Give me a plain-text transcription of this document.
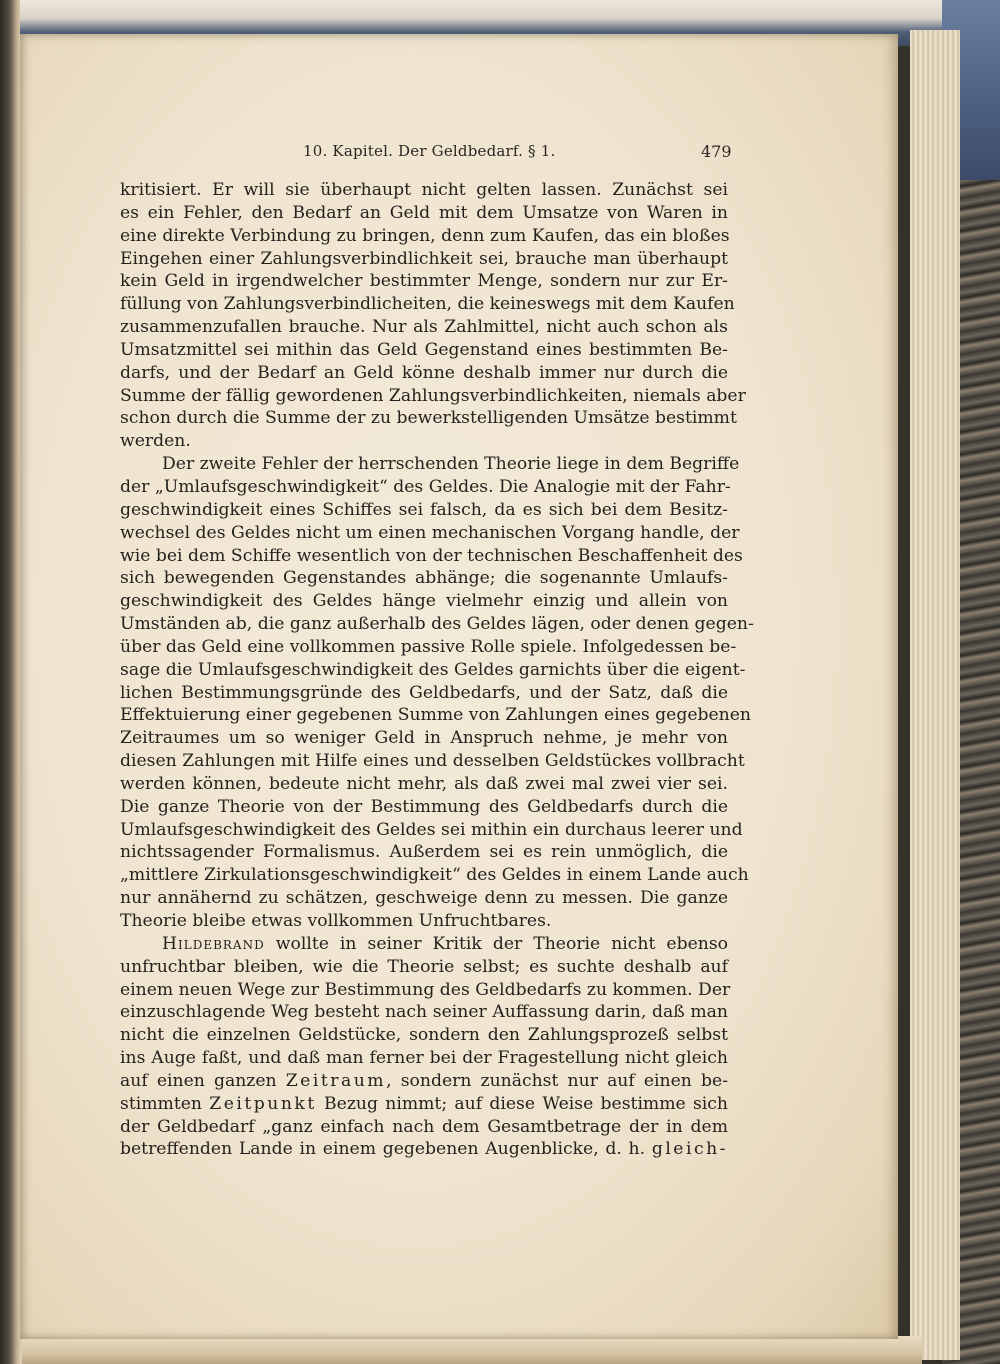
10. Kapitel. Der Geldbedarf. § 1.	479
kritisiert. Er will sie überhaupt nicht gelten lassen. Zunächst sei
es ein Fehler, den Bedarf an Geld mit dem Umsatze von Waren in
eine direkte Verbindung zu bringen, denn zum Kaufen, das ein bloßes
Eingehen einer Zahlungsverbindlichkeit sei, brauche man überhaupt
kein Geld in irgendwelcher bestimmter Menge, sondern nur zur Er-
füllung von Zahlungsverbindlicheiten, die keineswegs mit dem Kaufen
zusammenzufallen brauche. Nur als Zahlmittel, nicht auch schon als
Umsatzmittel sei mithin das Geld Gegenstand eines bestimmten Be-
darfs, und der Bedarf an Geld könne deshalb immer nur durch die
Summe der fällig gewordenen Zahlungsverbindlichkeiten, niemals aber
schon durch die Summe der zu bewerkstelligenden Umsätze bestimmt
werden.
Der zweite Fehler der herrschenden Theorie liege in dem Begriffe
der „Umlaufsgeschwindigkeit“ des Geldes. Die Analogie mit der Fahr-
geschwindigkeit eines Schiffes sei falsch, da es sich bei dem Besitz-
wechsel des Geldes nicht um einen mechanischen Vorgang handle, der
wie bei dem Schiffe wesentlich von der technischen Beschaffenheit des
sich bewegenden Gegenstandes abhänge; die sogenannte Umlaufs-
geschwindigkeit des Geldes hänge vielmehr einzig und allein von
Umständen ab, die ganz außerhalb des Geldes lägen, oder denen gegen-
über das Geld eine vollkommen passive Rolle spiele. Infolgedessen be-
sage die Umlaufsgeschwindigkeit des Geldes garnichts über die eigent-
lichen Bestimmungsgründe des Geldbedarfs, und der Satz, daß die
Effektuierung einer gegebenen Summe von Zahlungen eines gegebenen
Zeitraumes um so weniger Geld in Anspruch nehme, je mehr von
diesen Zahlungen mit Hilfe eines und desselben Geldstückes vollbracht
werden können, bedeute nicht mehr, als daß zwei mal zwei vier sei.
Die ganze Theorie von der Bestimmung des Geldbedarfs durch die
Umlaufsgeschwindigkeit des Geldes sei mithin ein durchaus leerer und
nichtssagender Formalismus. Außerdem sei es rein unmöglich, die
„mittlere Zirkulationsgeschwindigkeit“ des Geldes in einem Lande auch
nur annähernd zu schätzen, geschweige denn zu messen. Die ganze
Theorie bleibe etwas vollkommen Unfruchtbares.
Hildebrand wollte in seiner Kritik der Theorie nicht ebenso
unfruchtbar bleiben, wie die Theorie selbst; es suchte deshalb auf
einem neuen Wege zur Bestimmung des Geldbedarfs zu kommen. Der
einzuschlagende Weg besteht nach seiner Auffassung darin, daß man
nicht die einzelnen Geldstücke, sondern den Zahlungsprozeß selbst
ins Auge faßt, und daß man ferner bei der Fragestellung nicht gleich
auf einen ganzen Zeitraum, sondern zunächst nur auf einen be-
stimmten Zeitpunkt Bezug nimmt; auf diese Weise bestimme sich
der Geldbedarf „ganz einfach nach dem Gesamtbetrage der in dem
betreffenden Lande in einem gegebenen Augenblicke, d. h. gleich-
